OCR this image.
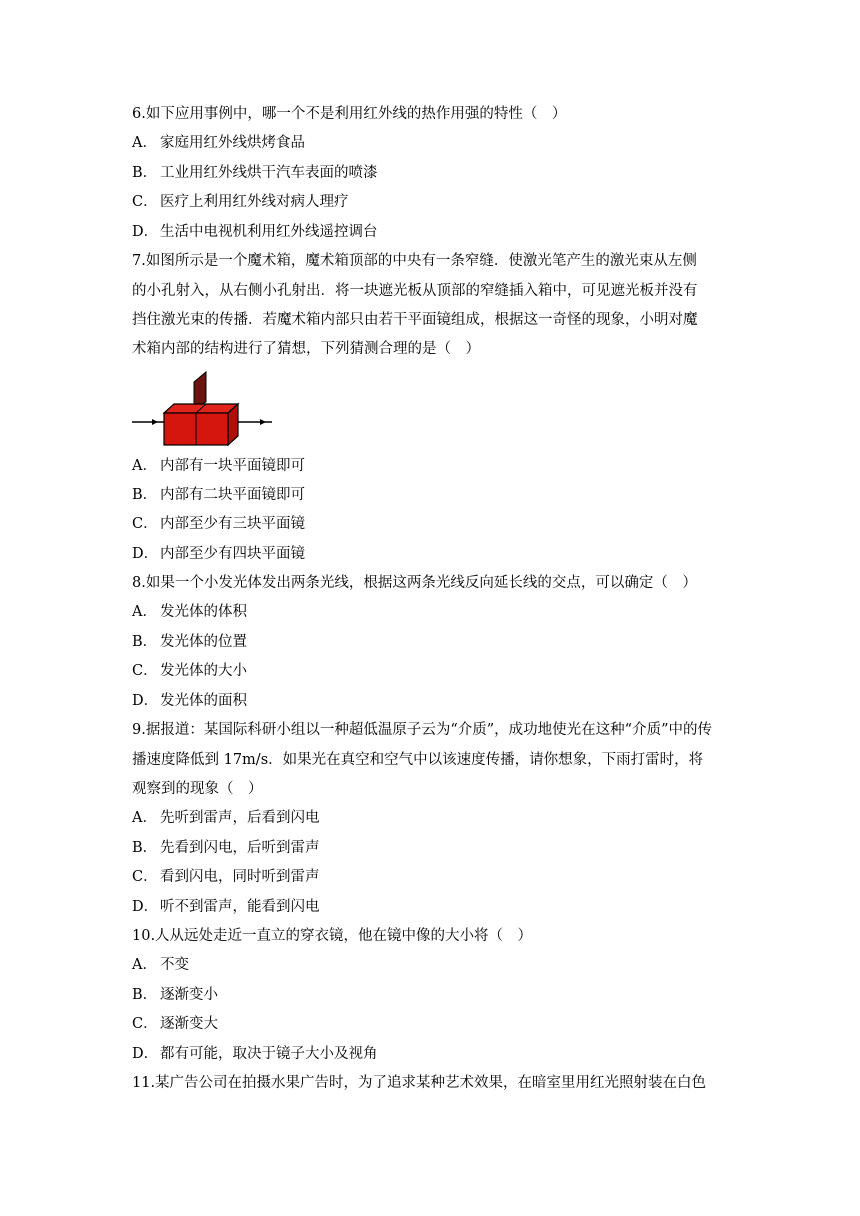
6.如下应用事例中，哪一个不是利用红外线的热作用强的特性（　）
A． 家庭用红外线烘烤食品
B． 工业用红外线烘干汽车表面的喷漆
C． 医疗上利用红外线对病人理疗
D． 生活中电视机利用红外线遥控调台
7.如图所示是一个魔术箱，魔术箱顶部的中央有一条窄缝．使激光笔产生的激光束从左侧
的小孔射入，从右侧小孔射出．将一块遮光板从顶部的窄缝插入箱中，可见遮光板并没有
挡住激光束的传播．若魔术箱内部只由若干平面镜组成，根据这一奇怪的现象，小明对魔
术箱内部的结构进行了猜想，下列猜测合理的是（　）
A． 内部有一块平面镜即可
B． 内部有二块平面镜即可
C． 内部至少有三块平面镜
D． 内部至少有四块平面镜
8.如果一个小发光体发出两条光线，根据这两条光线反向延长线的交点，可以确定（　）
A． 发光体的体积
B． 发光体的位置
C． 发光体的大小
D． 发光体的面积
9.据报道：某国际科研小组以一种超低温原子云为“介质”，成功地使光在这种“介质”中的传
播速度降低到 17m/s．如果光在真空和空气中以该速度传播，请你想象，下雨打雷时，将
观察到的现象（　）
A． 先听到雷声，后看到闪电
B． 先看到闪电，后听到雷声
C． 看到闪电，同时听到雷声
D． 听不到雷声，能看到闪电
10.人从远处走近一直立的穿衣镜，他在镜中像的大小将（　）
A． 不变
B． 逐渐变小
C． 逐渐变大
D． 都有可能，取决于镜子大小及视角
11.某广告公司在拍摄水果广告时，为了追求某种艺术效果，在暗室里用红光照射装在白色
